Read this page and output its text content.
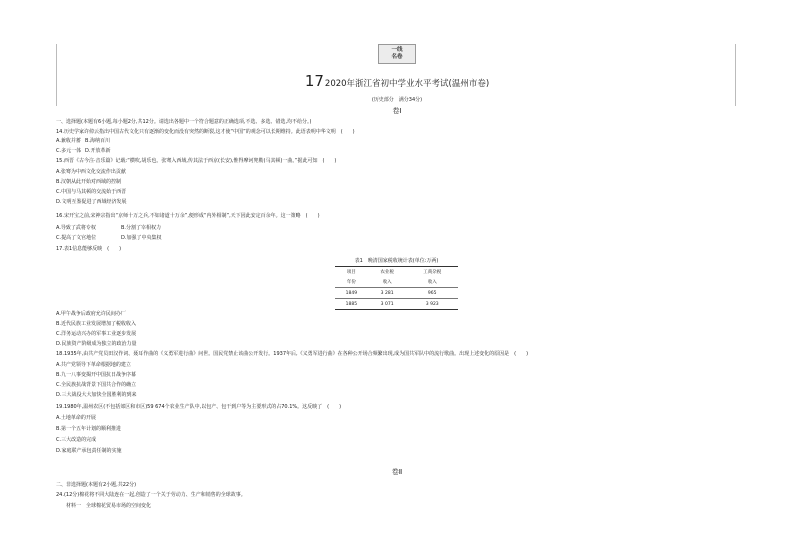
一线
名卷
172020年浙江省初中学业水平考试(温州市卷)
(历史部分　满分34分)
卷Ⅰ
一、选择题(本题有6小题,每小题2分,共12分。请选出各题中一个符合题意的正确选项,不选、多选、错选,均不给分。)
14.历史学家许倬云指出中国古代文化只有逐渐的变化而没有突然的断裂,这才使“中国”的观念可以长期维持。此语表明中华文明　(　　)
A.兼收并蓄 B.海纳百川
C.多元一体 D.开放革新
15.西晋《古今注·音乐篇》记载:“横吹,胡乐也。张骞入西域,传其法于西京(长安),惟得摩诃兜勒(马其顿)一曲。”据此可知　(　　)
A.张骞为中西文化交流作出贡献
B.汉朝从此开始对西域的控制
C.中国与马其顿的交流始于西晋
D.文明互鉴促进了西域经济发展
16.宋开宝之前,宋神宗指出“京师十万之兵,不如诸道十万余”,便形成“内外相制”,天下因此安定百余年。这一策略　(　　)
A.导致了武将专权	B.分割了宰相权力
C.提高了文官地位	D.加强了中央集权
17.表1信息能够反映　(　　)
表1　晚清国家税收统计表(单位:万两)
项目	农业税	工商杂税
年份	收入	收入
1849	3 281	965
1885	3 071	3 923
A.甲午战争后政府允许民间办厂
B.近代民族工业发展增加了税收收入
C.洋务运动兴办的军事工业逐步发展
D.民族资产阶级成为独立的政治力量
18.1935年,由共产党员田汉作词、聂耳作曲的《义勇军进行曲》问世。国民党禁止该曲公开发行。1937年后,《义勇军进行曲》在各种公开场合频繁出现,成为国共军队中的流行歌曲。出现上述变化的原因是　(　　)
A.共产党领导下革命根据地的建立
B.九一八事变揭开中国抗日战争序幕
C.全民族抗战背景下国共合作的确立
D.三大战役大大加快全国胜利的到来
19.1980年,温州农区(不包括郊区和市区)59 674个农业生产队中,以包产、包干到户等为主要形式的占70.1%。这反映了　(　　)
A.土地革命的开展
B.第一个五年计划的顺利推进
C.三大改造的完成
D.家庭联产承包责任制的实施
卷Ⅱ
二、非选择题(本题有2小题,共22分)
24.(12分)棉花将不同大陆连在一起,创造了一个关于劳动力、生产和销售的全球故事。
材料一　全球棉花贸易市场的空间变化
